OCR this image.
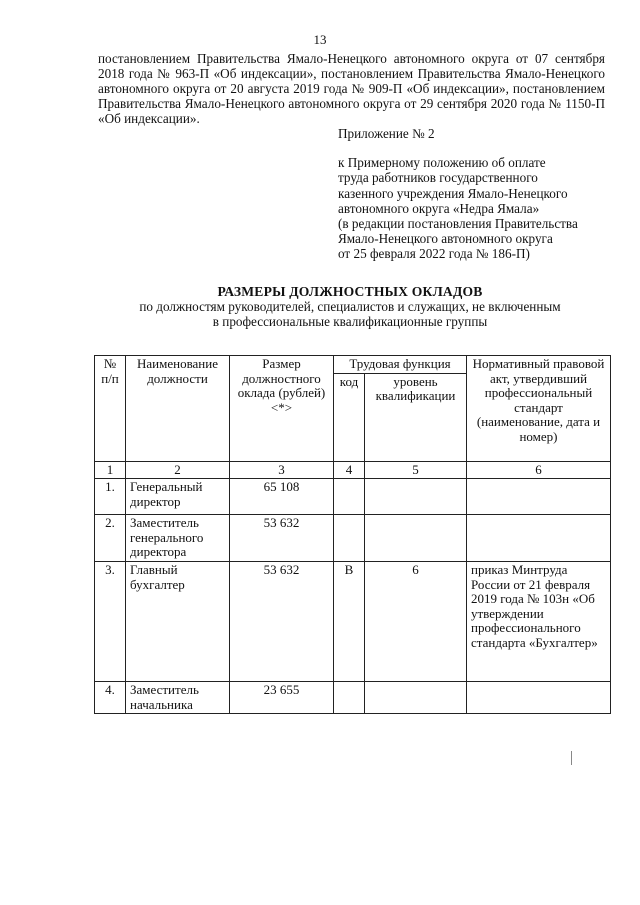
13
постановлением Правительства Ямало-Ненецкого автономного округа от 07 сентября 2018 года № 963-П «Об индексации», постановлением Правительства Ямало-Ненецкого автономного округа от 20 августа 2019 года № 909-П «Об индексации», постановлением Правительства Ямало-Ненецкого автономного округа от 29 сентября 2020 года № 1150-П «Об индексации».
Приложение № 2
к Примерному положению об оплате
труда работников государственного
казенного учреждения Ямало-Ненецкого
автономного округа «Недра Ямала»
(в редакции постановления Правительства
Ямало-Ненецкого автономного округа
от 25 февраля 2022 года № 186-П)
РАЗМЕРЫ ДОЛЖНОСТНЫХ ОКЛАДОВ
по должностям руководителей, специалистов и служащих, не включенным
в профессиональные квалификационные группы
№ п/п	Наименование должности	Размер должностного оклада (рублей) <*>	Трудовая функция		Нормативный правовой акт, утвердивший профессиональный стандарт (наименование, дата и номер)
			код	уровень квалификации	
1	2	3	4	5	6
1.	Генеральный директор	65 108			
2.	Заместитель генерального директора	53 632			
3.	Главный бухгалтер	53 632	В	6	приказ Минтруда России от 21 февраля 2019 года № 103н «Об утверждении профессионального стандарта «Бухгалтер»
4.	Заместитель начальника	23 655			
